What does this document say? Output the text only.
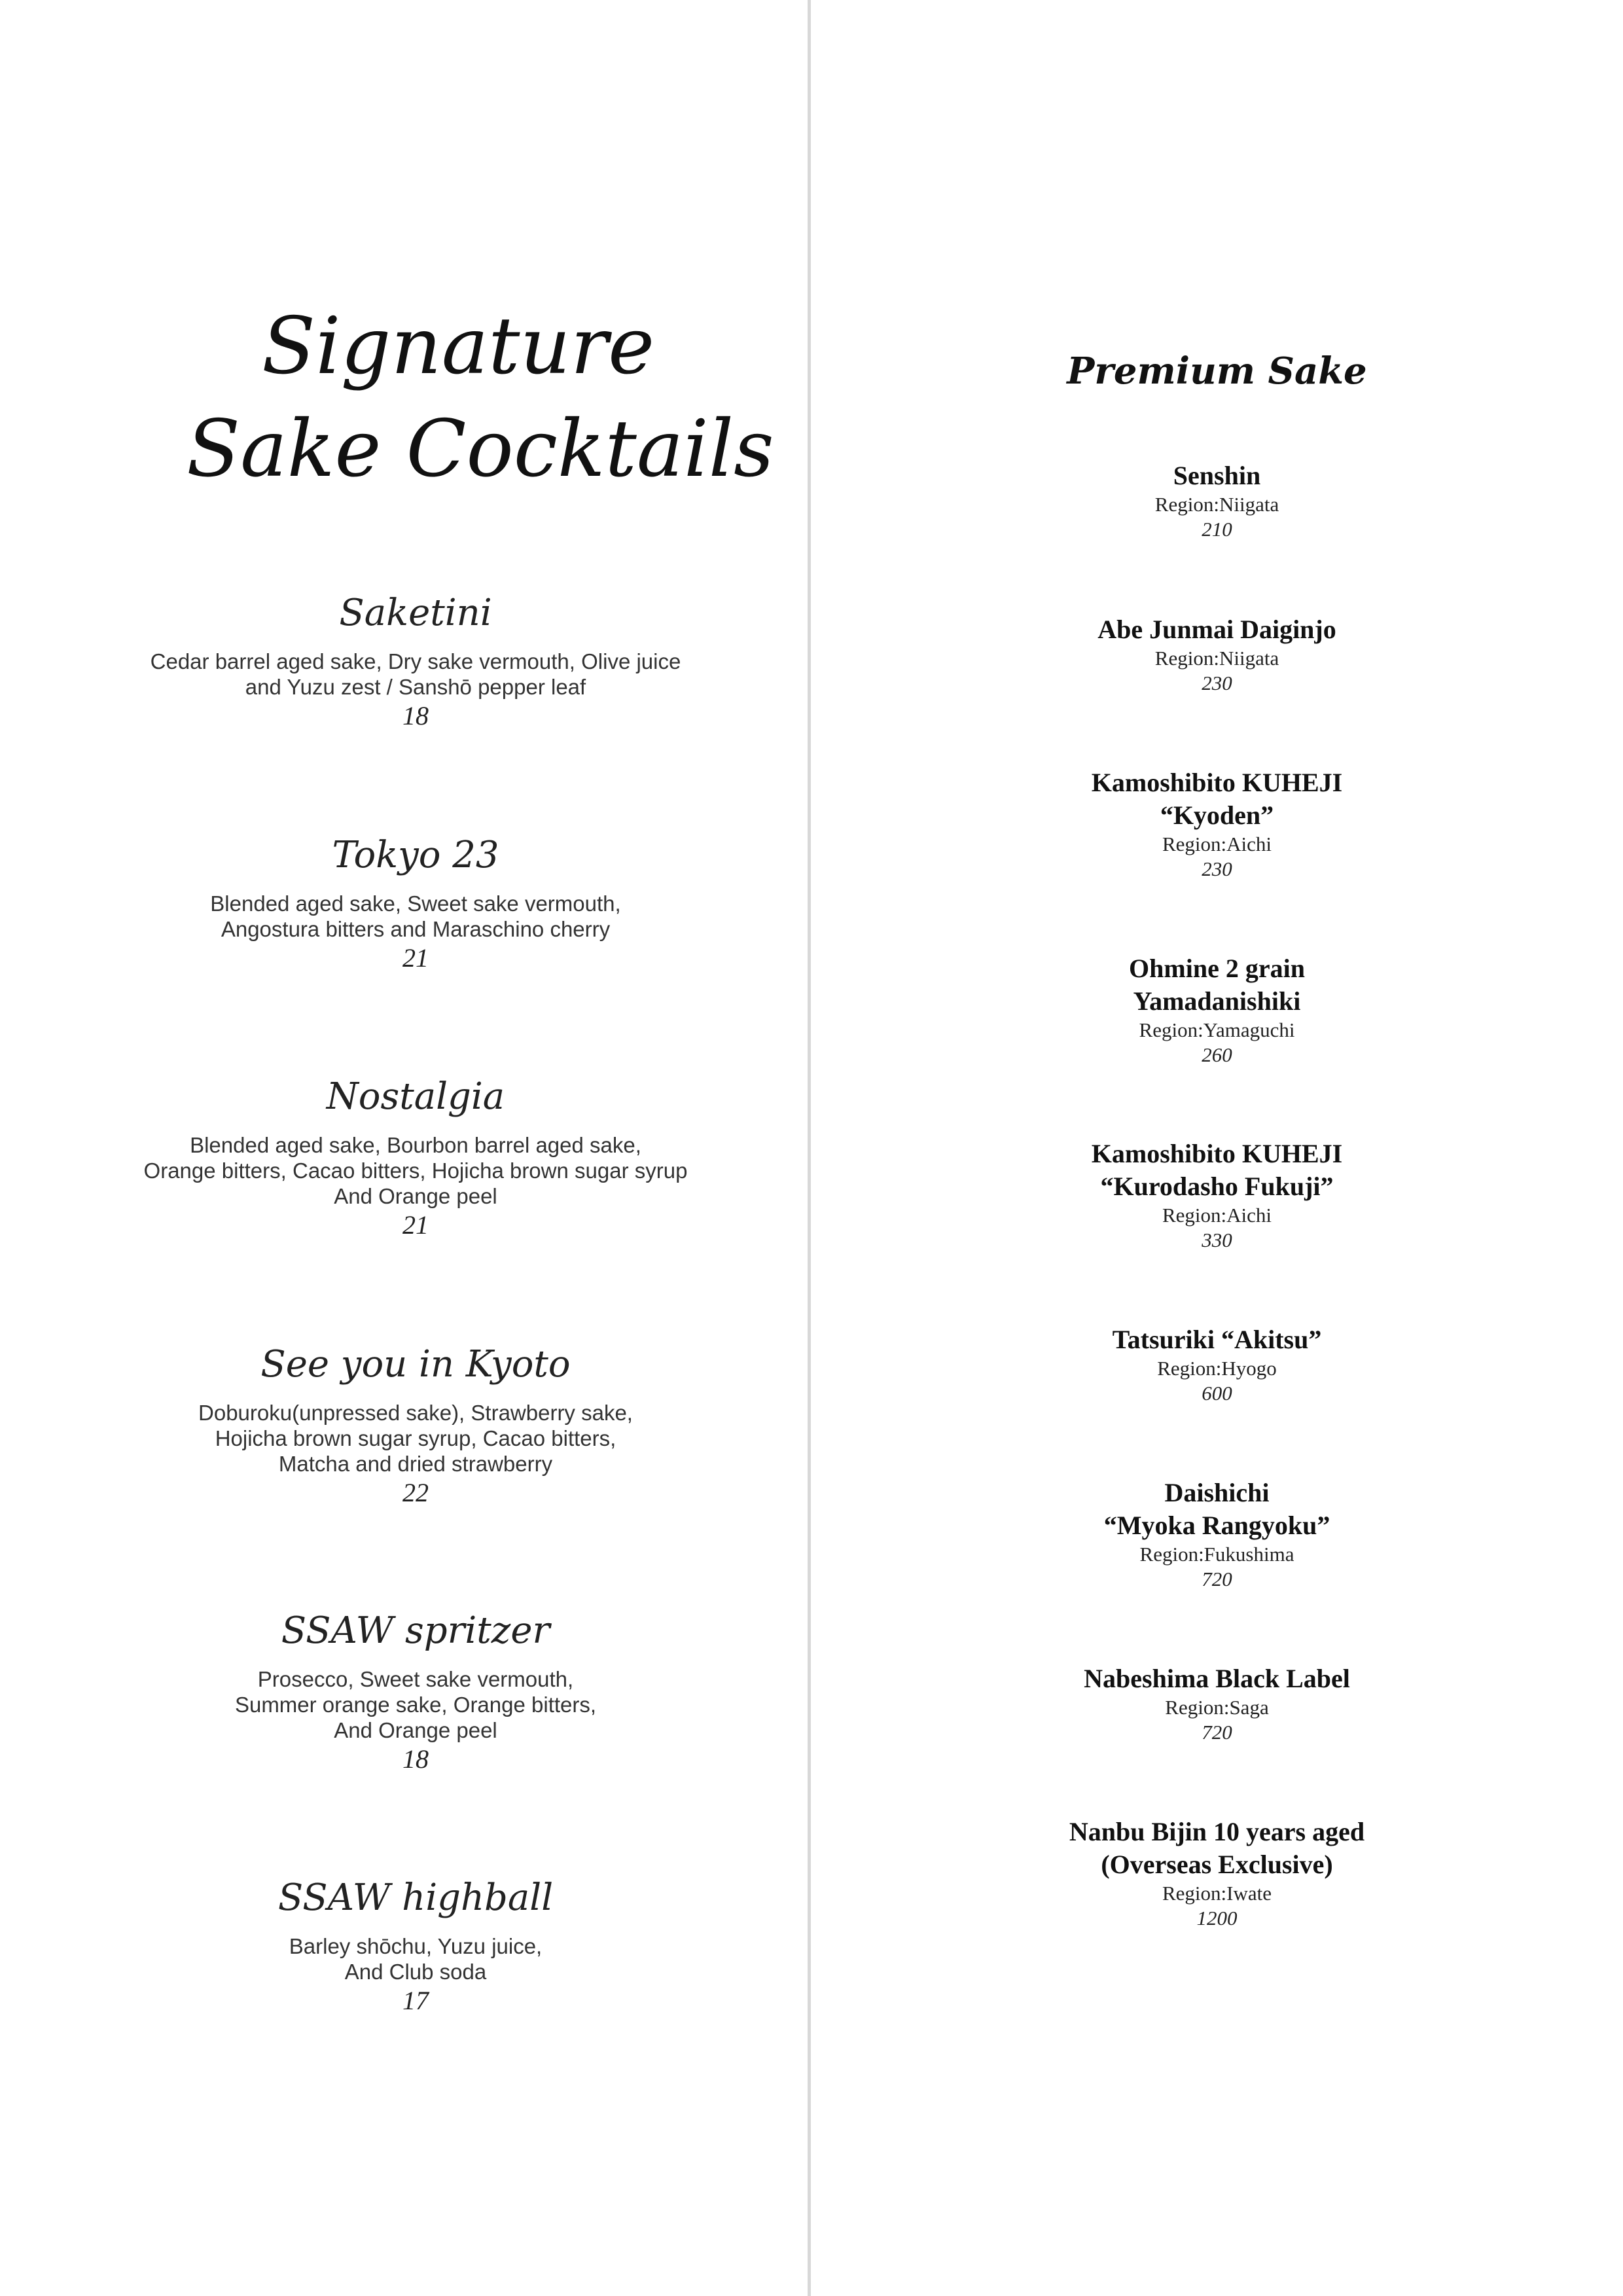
Signature
Sake Cocktails
Saketini
Cedar barrel aged sake, Dry sake vermouth, Olive juice
and Yuzu zest / Sanshō pepper leaf
18
Tokyo 23
Blended aged sake, Sweet sake vermouth,
Angostura bitters and Maraschino cherry
21
Nostalgia
Blended aged sake, Bourbon barrel aged sake,
Orange bitters, Cacao bitters, Hojicha brown sugar syrup
And Orange peel
21
See you in Kyoto
Doburoku(unpressed sake), Strawberry sake,
Hojicha brown sugar syrup, Cacao bitters,
Matcha and dried strawberry
22
SSAW spritzer
Prosecco, Sweet sake vermouth,
Summer orange sake, Orange bitters,
And Orange peel
18
SSAW highball
Barley shōchu, Yuzu juice,
And Club soda
17
Premium Sake
Senshin
Region:Niigata
210
Abe Junmai Daiginjo
Region:Niigata
230
Kamoshibito KUHEJI
“Kyoden”
Region:Aichi
230
Ohmine 2 grain
Yamadanishiki
Region:Yamaguchi
260
Kamoshibito KUHEJI
“Kurodasho Fukuji”
Region:Aichi
330
Tatsuriki “Akitsu”
Region:Hyogo
600
Daishichi
“Myoka Rangyoku”
Region:Fukushima
720
Nabeshima Black Label
Region:Saga
720
Nanbu Bijin 10 years aged
(Overseas Exclusive)
Region:Iwate
1200
